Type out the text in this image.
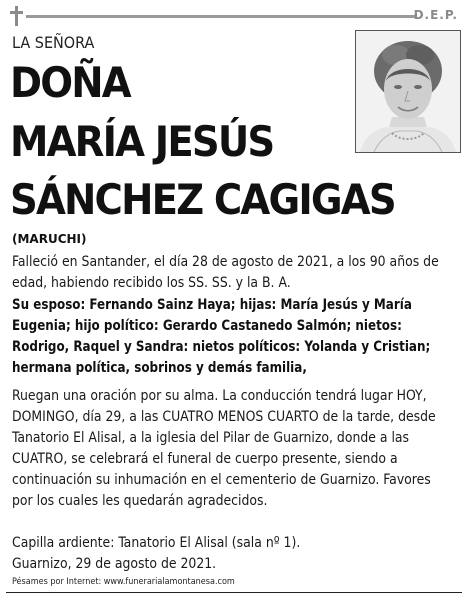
D.E.P.
LA SEÑORA
DOÑA
MARÍA JESÚS
SÁNCHEZ CAGIGAS
(MARUCHI)
Falleció en Santander, el día 28 de agosto de 2021, a los 90 años de edad, habiendo recibido los SS. SS. y la B. A.
Su esposo: Fernando Sainz Haya; hijas: María Jesús y María Eugenia; hijo político: Gerardo Castanedo Salmón; nietos: Rodrigo, Raquel y Sandra: nietos políticos: Yolanda y Cristian; hermana política, sobrinos y demás familia,
Ruegan una oración por su alma. La conducción tendrá lugar HOY, DOMINGO, día 29, a las CUATRO MENOS CUARTO de la tarde, desde Tanatorio El Alisal, a la iglesia del Pilar de Guarnizo, donde a las CUATRO, se celebrará el funeral de cuerpo presente, siendo a continuación su inhumación en el cementerio de Guarnizo. Favores por los cuales les quedarán agradecidos.
Capilla ardiente: Tanatorio El Alisal (sala nº 1).
Guarnizo, 29 de agosto de 2021.
Pésames por Internet: www.funerarialamontanesa.com
